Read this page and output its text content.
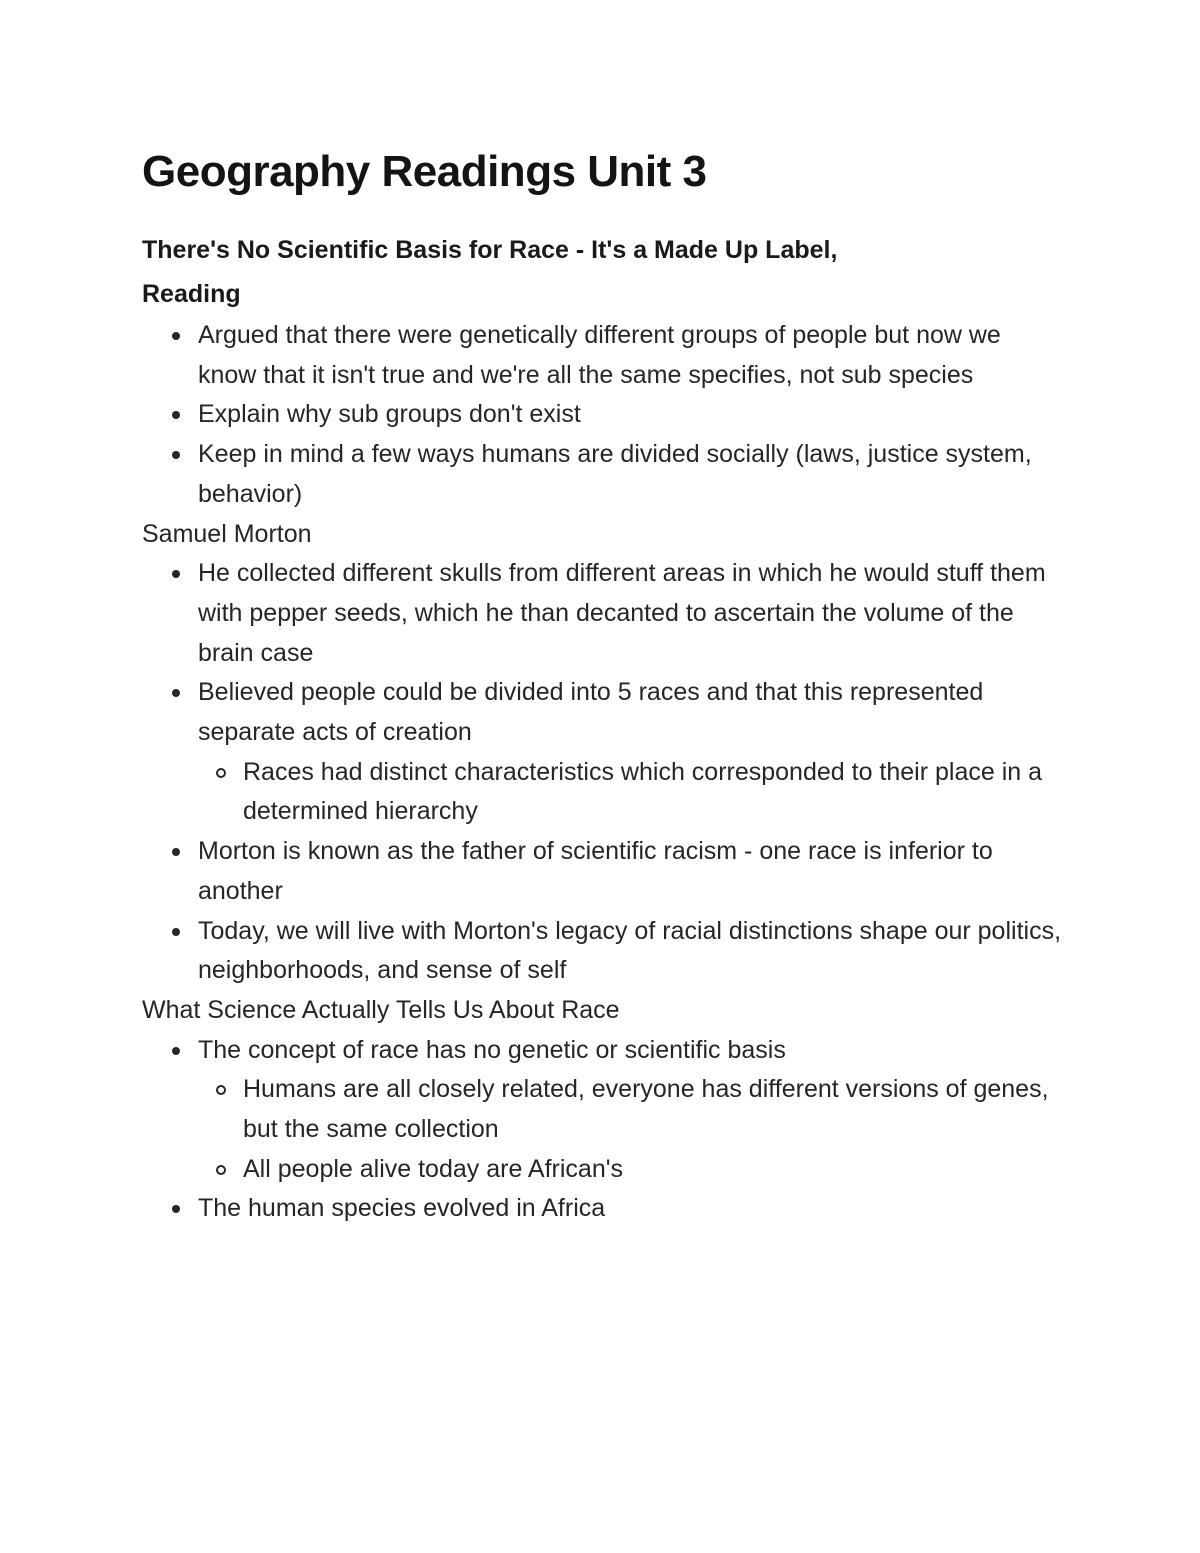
Geography Readings Unit 3
There's No Scientific Basis for Race - It's a Made Up Label,
Reading
Argued that there were genetically different groups of people but now we know that it isn't true and we're all the same specifies, not sub species
Explain why sub groups don't exist
Keep in mind a few ways humans are divided socially (laws, justice system, behavior)
Samuel Morton
He collected different skulls from different areas in which he would stuff them with pepper seeds, which he than decanted to ascertain the volume of the brain case
Believed people could be divided into 5 races and that this represented separate acts of creation
Races had distinct characteristics which corresponded to their place in a determined hierarchy
Morton is known as the father of scientific racism - one race is inferior to another
Today, we will live with Morton's legacy of racial distinctions shape our politics, neighborhoods, and sense of self
What Science Actually Tells Us About Race
The concept of race has no genetic or scientific basis
Humans are all closely related, everyone has different versions of genes, but the same collection
All people alive today are African's
The human species evolved in Africa
